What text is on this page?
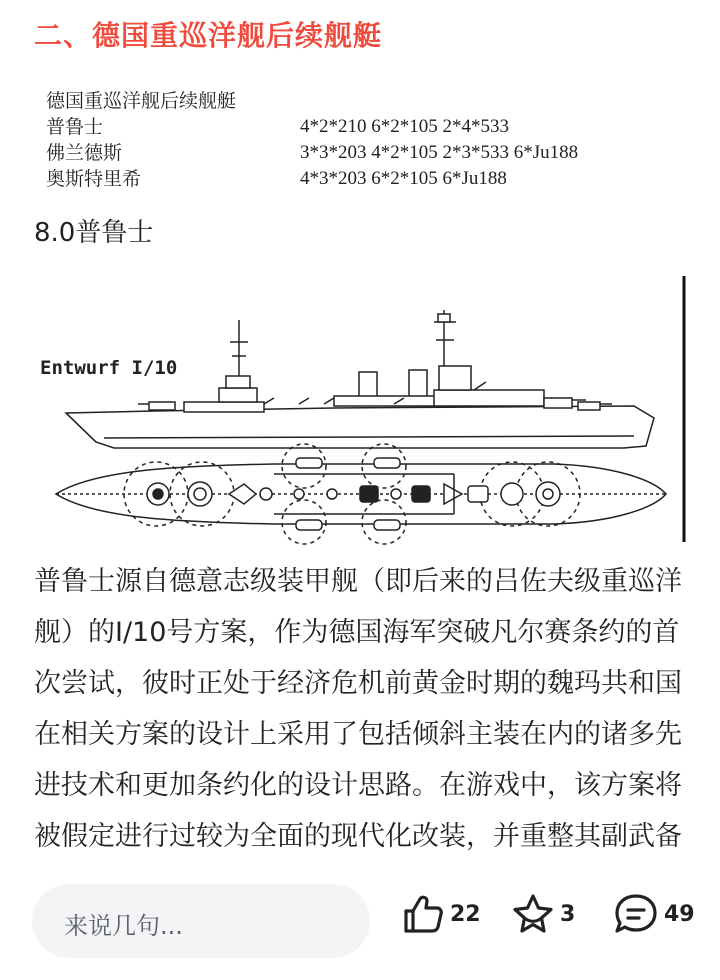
二、德国重巡洋舰后续舰艇
德国重巡洋舰后续舰艇
普鲁士	4*2*210 6*2*105 2*4*533
佛兰德斯	3*3*203 4*2*105 2*3*533 6*Ju188
奥斯特里希	4*3*203 6*2*105 6*Ju188
8.0普鲁士
Entwurf I/10
普鲁士源自德意志级装甲舰（即后来的吕佐夫级重巡洋舰）的I/10号方案，作为德国海军突破凡尔赛条约的首次尝试，彼时正处于经济危机前黄金时期的魏玛共和国在相关方案的设计上采用了包括倾斜主装在内的诸多先进技术和更加条约化的设计思路。在游戏中，该方案将被假定进行过较为全面的现代化改装，并重整其副武备
来说几句...	22	3	49
